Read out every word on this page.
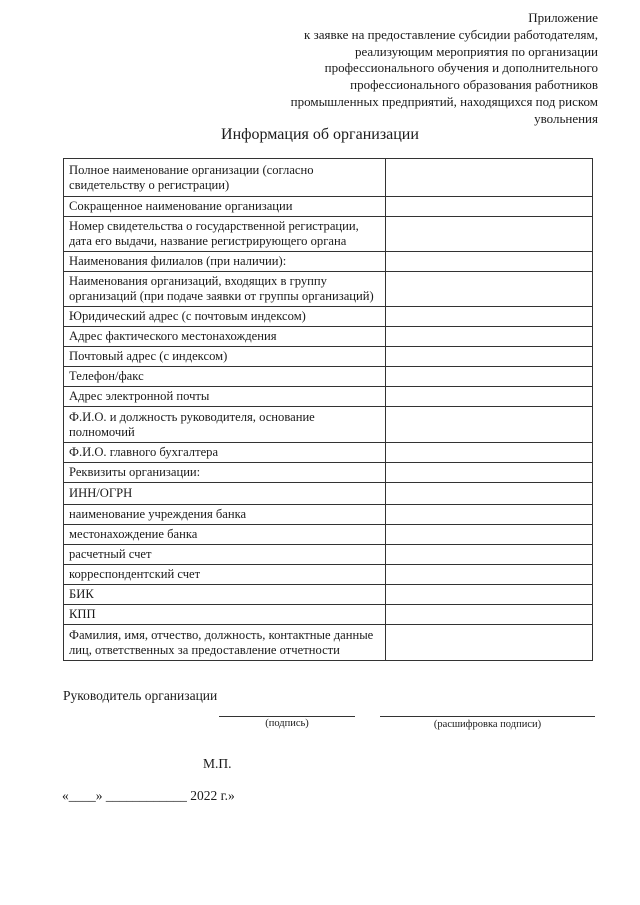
Приложение
к заявке на предоставление субсидии работодателям,
реализующим мероприятия по организации
профессионального обучения и дополнительного
профессионального образования работников
промышленных предприятий, находящихся под риском
увольнения
Информация об организации
Полное наименование организации (согласно свидетельству о регистрации)	
Сокращенное наименование организации	
Номер свидетельства о государственной регистрации, дата его выдачи, название регистрирующего органа	
Наименования филиалов (при наличии):	
Наименования организаций, входящих в группу организаций (при подаче заявки от группы организаций)	
Юридический адрес (с почтовым индексом)	
Адрес фактического местонахождения	
Почтовый адрес (с индексом)	
Телефон/факс	
Адрес электронной почты	
Ф.И.О. и должность руководителя, основание полномочий	
Ф.И.О. главного бухгалтера	
Реквизиты организации:	
ИНН/ОГРН	
наименование учреждения банка	
местонахождение банка	
расчетный счет	
корреспондентский счет	
БИК	
КПП	
Фамилия, имя, отчество, должность, контактные данные лиц, ответственных за предоставление отчетности	
Руководитель организации
(подпись)	(расшифровка подписи)
М.П.
«____» ____________ 2022 г.»
